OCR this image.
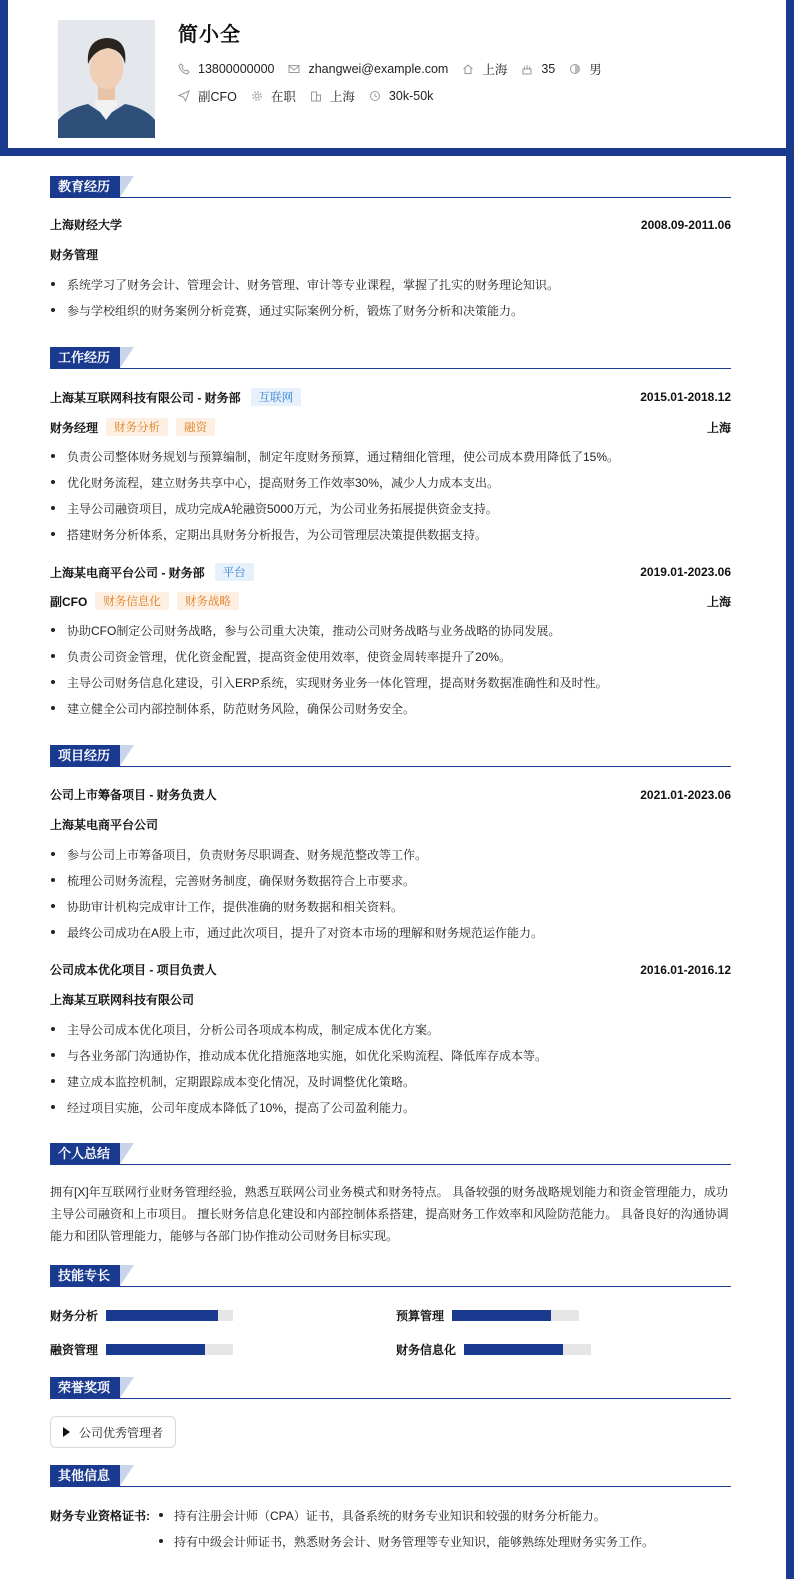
简小全
13800000000	zhangwei@example.com	上海	35	男
副CFO	在职	上海	30k-50k
教育经历
上海财经大学	2008.09-2011.06
财务管理
系统学习了财务会计、管理会计、财务管理、审计等专业课程，掌握了扎实的财务理论知识。
参与学校组织的财务案例分析竞赛，通过实际案例分析，锻炼了财务分析和决策能力。
工作经历
上海某互联网科技有限公司 - 财务部	互联网	2015.01-2018.12
财务经理	财务分析	融资	上海
负责公司整体财务规划与预算编制，制定年度财务预算，通过精细化管理，使公司成本费用降低了15%。
优化财务流程，建立财务共享中心，提高财务工作效率30%，减少人力成本支出。
主导公司融资项目，成功完成A轮融资5000万元，为公司业务拓展提供资金支持。
搭建财务分析体系，定期出具财务分析报告，为公司管理层决策提供数据支持。
上海某电商平台公司 - 财务部	平台	2019.01-2023.06
副CFO	财务信息化	财务战略	上海
协助CFO制定公司财务战略，参与公司重大决策，推动公司财务战略与业务战略的协同发展。
负责公司资金管理，优化资金配置，提高资金使用效率，使资金周转率提升了20%。
主导公司财务信息化建设，引入ERP系统，实现财务业务一体化管理，提高财务数据准确性和及时性。
建立健全公司内部控制体系，防范财务风险，确保公司财务安全。
项目经历
公司上市筹备项目 - 财务负责人	2021.01-2023.06
上海某电商平台公司
参与公司上市筹备项目，负责财务尽职调查、财务规范整改等工作。
梳理公司财务流程，完善财务制度，确保财务数据符合上市要求。
协助审计机构完成审计工作，提供准确的财务数据和相关资料。
最终公司成功在A股上市，通过此次项目，提升了对资本市场的理解和财务规范运作能力。
公司成本优化项目 - 项目负责人	2016.01-2016.12
上海某互联网科技有限公司
主导公司成本优化项目，分析公司各项成本构成，制定成本优化方案。
与各业务部门沟通协作，推动成本优化措施落地实施，如优化采购流程、降低库存成本等。
建立成本监控机制，定期跟踪成本变化情况，及时调整优化策略。
经过项目实施，公司年度成本降低了10%，提高了公司盈利能力。
个人总结
拥有[X]年互联网行业财务管理经验，熟悉互联网公司业务模式和财务特点。 具备较强的财务战略规划能力和资金管理能力，成功
主导公司融资和上市项目。 擅长财务信息化建设和内部控制体系搭建，提高财务工作效率和风险防范能力。 具备良好的沟通协调
能力和团队管理能力，能够与各部门协作推动公司财务目标实现。
技能专长
财务分析	预算管理
融资管理	财务信息化
荣誉奖项
公司优秀管理者
其他信息
财务专业资格证书:	持有注册会计师（CPA）证书，具备系统的财务专业知识和较强的财务分析能力。
持有中级会计师证书，熟悉财务会计、财务管理等专业知识，能够熟练处理财务实务工作。
